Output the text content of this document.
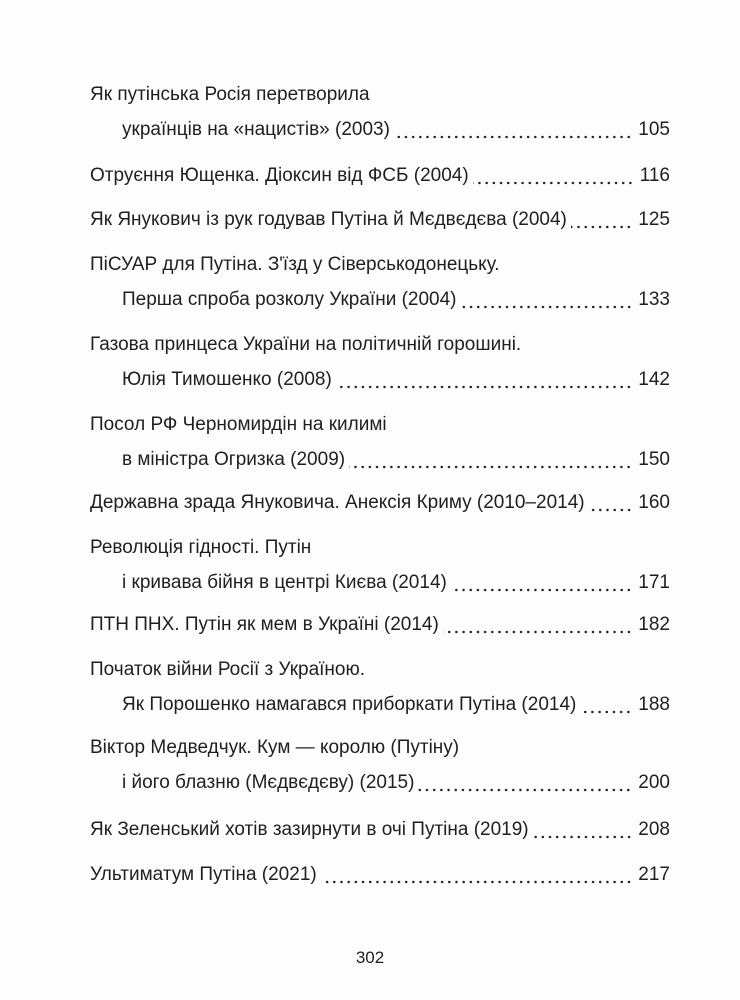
Як путінська Росія перетворила
українців на «нацистів» (2003)	105
Отруєння Ющенка. Діоксин від ФСБ (2004)	116
Як Янукович із рук годував Путіна й Мєдвєдєва (2004)	125
ПіСУАР для Путіна. З'їзд у Сіверськодонецьку.
Перша спроба розколу України (2004)	133
Газова принцеса України на політичній горошині.
Юлія Тимошенко (2008)	142
Посол РФ Черномирдін на килимі
в міністра Огризка (2009)	150
Державна зрада Януковича. Анексія Криму (2010–2014)	160
Революція гідності. Путін
і кривава бійня в центрі Києва (2014)	171
ПТН ПНХ. Путін як мем в Україні (2014)	182
Початок війни Росії з Україною.
Як Порошенко намагався приборкати Путіна (2014)	188
Віктор Медведчук. Кум — королю (Путіну)
і його блазню (Мєдвєдєву) (2015)	200
Як Зеленський хотів зазирнути в очі Путіна (2019)	208
Ультиматум Путіна (2021)	217
302
